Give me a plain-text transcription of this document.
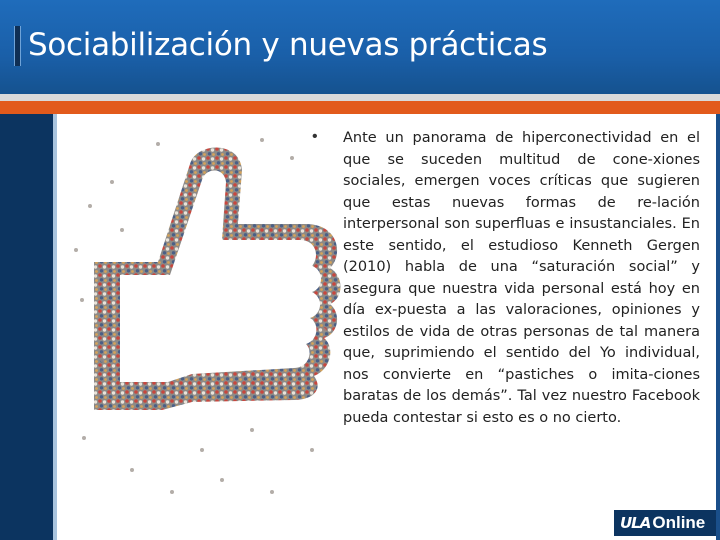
Sociabilización y nuevas prácticas
• Ante un panorama de hiperconectividad en el que se suceden multitud de cone-xiones sociales, emergen voces críticas que sugieren que estas nuevas formas de re-lación interpersonal son superfluas e insustanciales. En este sentido, el estudioso Kenneth Gergen (2010) habla de una “saturación social” y asegura que nuestra vida personal está hoy en día ex-puesta a las valoraciones, opiniones y estilos de vida de otras personas de tal manera que, suprimiendo el sentido del Yo individual, nos convierte en “pastiches o imita-ciones baratas de los demás”. Tal vez nuestro Facebook pueda contestar si esto es o no cierto.

ULA Online
